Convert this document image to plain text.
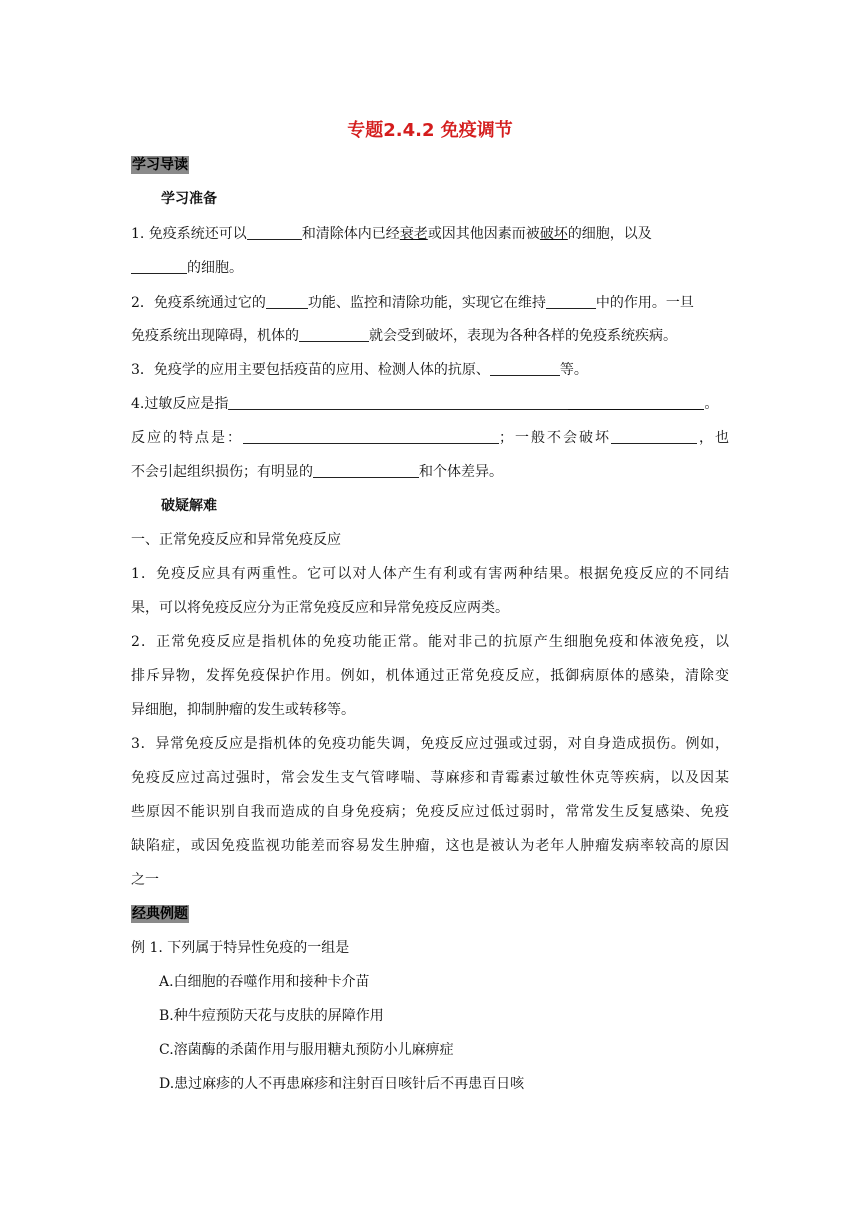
专题2.4.2 免疫调节
学习导读
学习准备
1. 免疫系统还可以	和清除体内已经衰老或因其他因素而被破坏的细胞，以及
的细胞。
2．免疫系统通过它的	功能、监控和清除功能，实现它在维持	中的作用。一旦
免疫系统出现障碍，机体的	就会受到破坏，表现为各种各样的免疫系统疾病。
3．免疫学的应用主要包括疫苗的应用、检测人体的抗原、	等。
4.过敏反应是指	。
反应的特点是：	；一般不会破坏	，也
不会引起组织损伤；有明显的	和个体差异。
破疑解难
一、正常免疫反应和异常免疫反应
1．免疫反应具有两重性。它可以对人体产生有利或有害两种结果。根据免疫反应的不同结
果，可以将免疫反应分为正常免疫反应和异常免疫反应两类。
2．正常免疫反应是指机体的免疫功能正常。能对非己的抗原产生细胞免疫和体液免疫，以
排斥异物，发挥免疫保护作用。例如，机体通过正常免疫反应，抵御病原体的感染，清除变
异细胞，抑制肿瘤的发生或转移等。
3．异常免疫反应是指机体的免疫功能失调，免疫反应过强或过弱，对自身造成损伤。例如，
免疫反应过高过强时，常会发生支气管哮喘、荨麻疹和青霉素过敏性休克等疾病，以及因某
些原因不能识别自我而造成的自身免疫病；免疫反应过低过弱时，常常发生反复感染、免疫
缺陷症，或因免疫监视功能差而容易发生肿瘤，这也是被认为老年人肿瘤发病率较高的原因
之一
经典例题
例 1. 下列属于特异性免疫的一组是
A.白细胞的吞噬作用和接种卡介苗
B.种牛痘预防天花与皮肤的屏障作用
C.溶菌酶的杀菌作用与服用糖丸预防小儿麻痹症
D.患过麻疹的人不再患麻疹和注射百日咳针后不再患百日咳
